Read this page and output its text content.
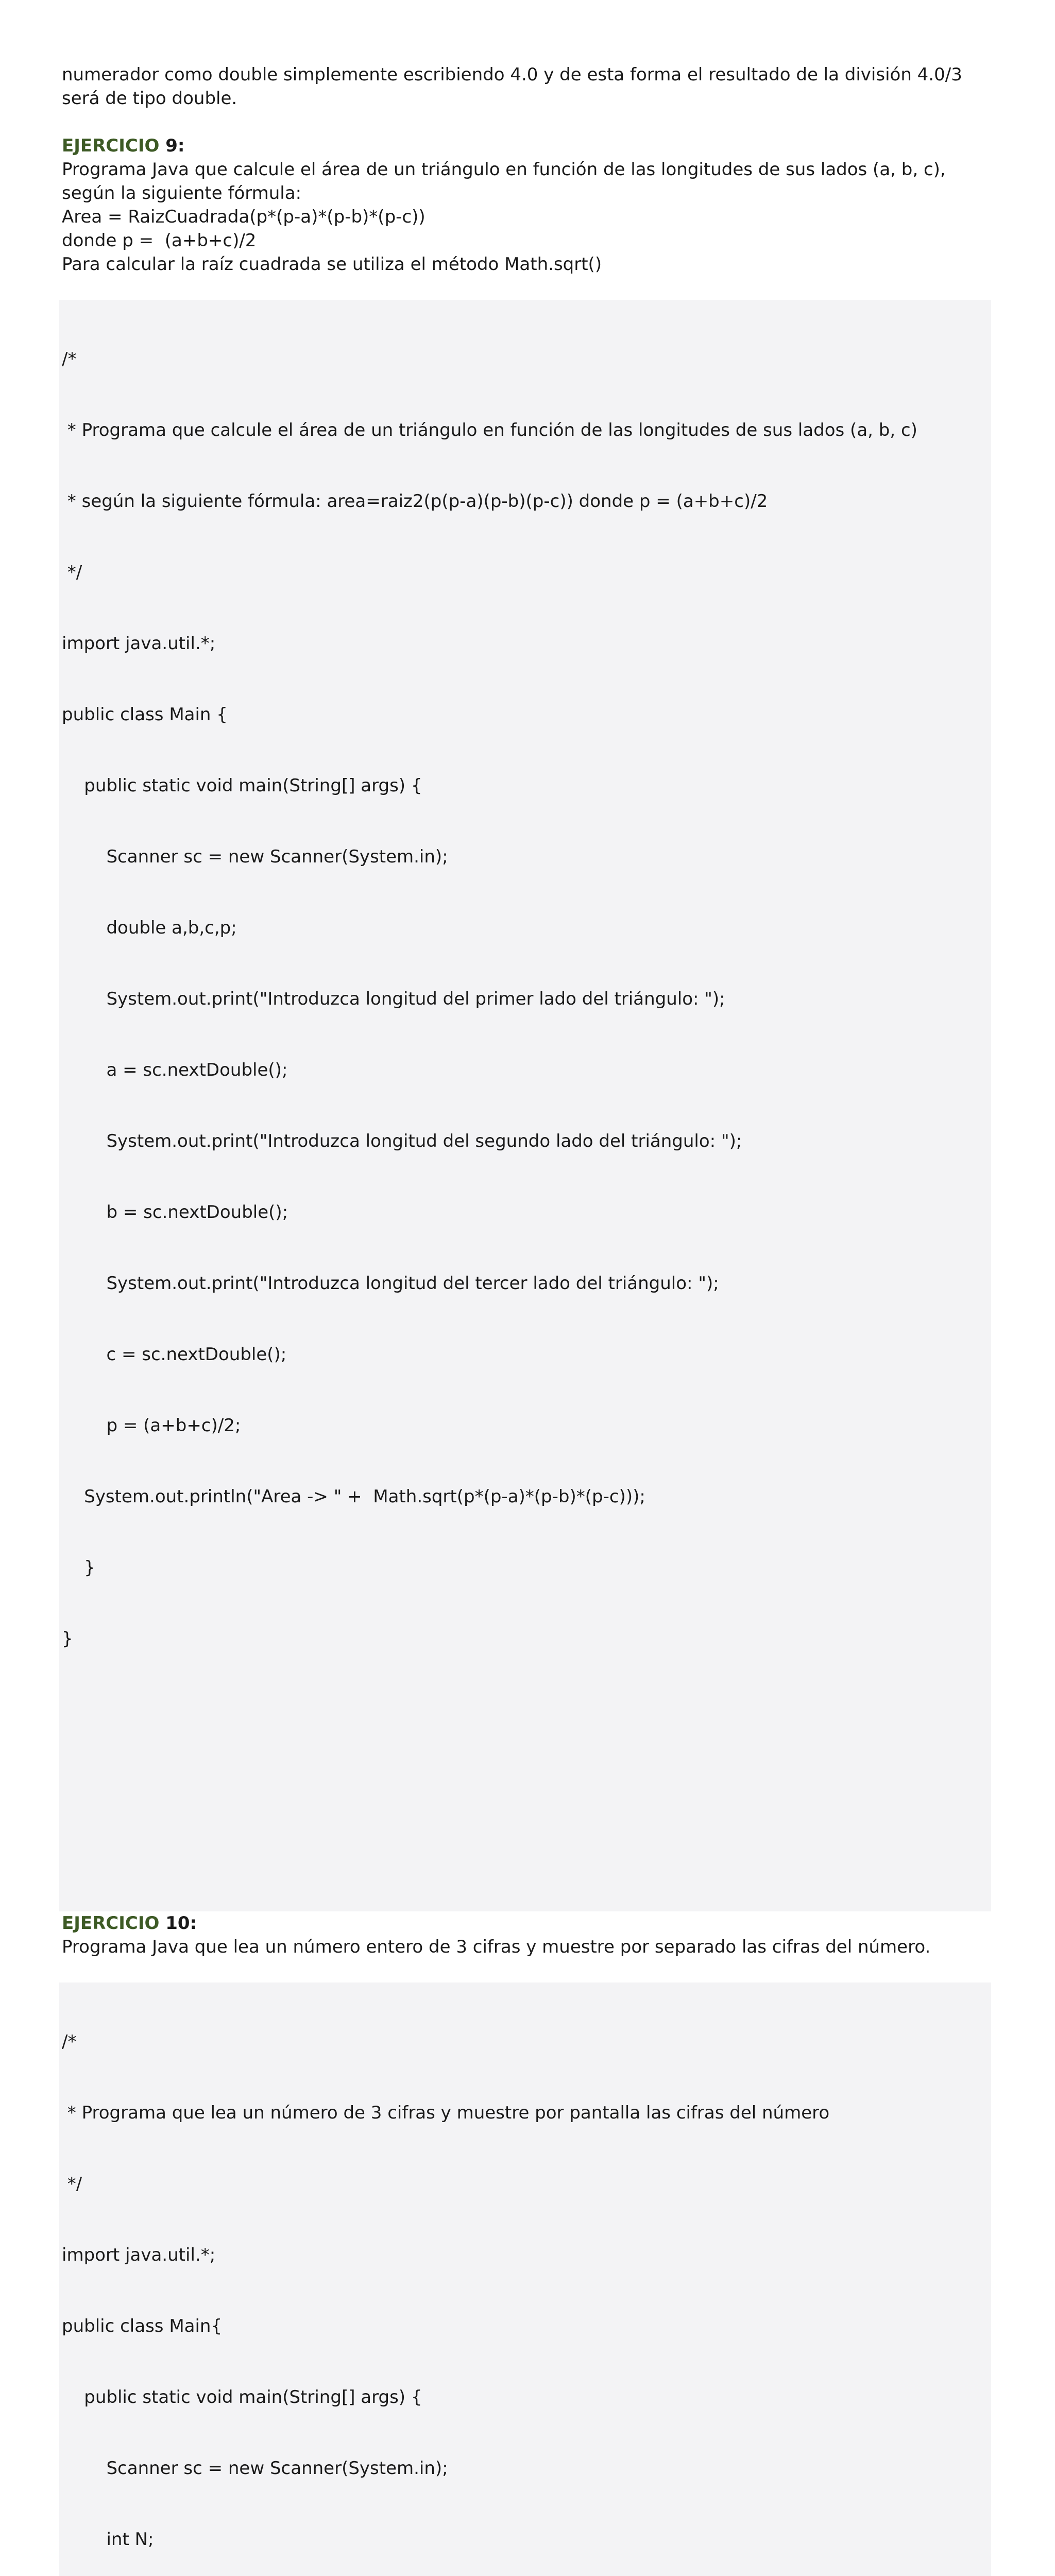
numerador como double simplemente escribiendo 4.0 y de esta forma el resultado de la división 4.0/3

será de tipo double.

EJERCICIO 9:

Programa Java que calcule el área de un triángulo en función de las longitudes de sus lados (a, b, c),

según la siguiente fórmula:

Area = RaizCuadrada(p*(p-a)*(p-b)*(p-c))

donde p =  (a+b+c)/2

Para calcular la raíz cuadrada se utiliza el método Math.sqrt()

/*

* Programa que calcule el área de un triángulo en función de las longitudes de sus lados (a, b, c)

* según la siguiente fórmula: area=raiz2(p(p-a)(p-b)(p-c)) donde p = (a+b+c)/2

*/

import java.util.*;

public class Main {

public static void main(String[] args) {

Scanner sc = new Scanner(System.in);

double a,b,c,p;

System.out.print("Introduzca longitud del primer lado del triángulo: ");

a = sc.nextDouble();

System.out.print("Introduzca longitud del segundo lado del triángulo: ");

b = sc.nextDouble();

System.out.print("Introduzca longitud del tercer lado del triángulo: ");

c = sc.nextDouble();

p = (a+b+c)/2;

System.out.println("Area -> " +  Math.sqrt(p*(p-a)*(p-b)*(p-c)));

}

}

EJERCICIO 10:

Programa Java que lea un número entero de 3 cifras y muestre por separado las cifras del número.

/*

* Programa que lea un número de 3 cifras y muestre por pantalla las cifras del número

*/

import java.util.*;

public class Main{

public static void main(String[] args) {

Scanner sc = new Scanner(System.in);

int N;
